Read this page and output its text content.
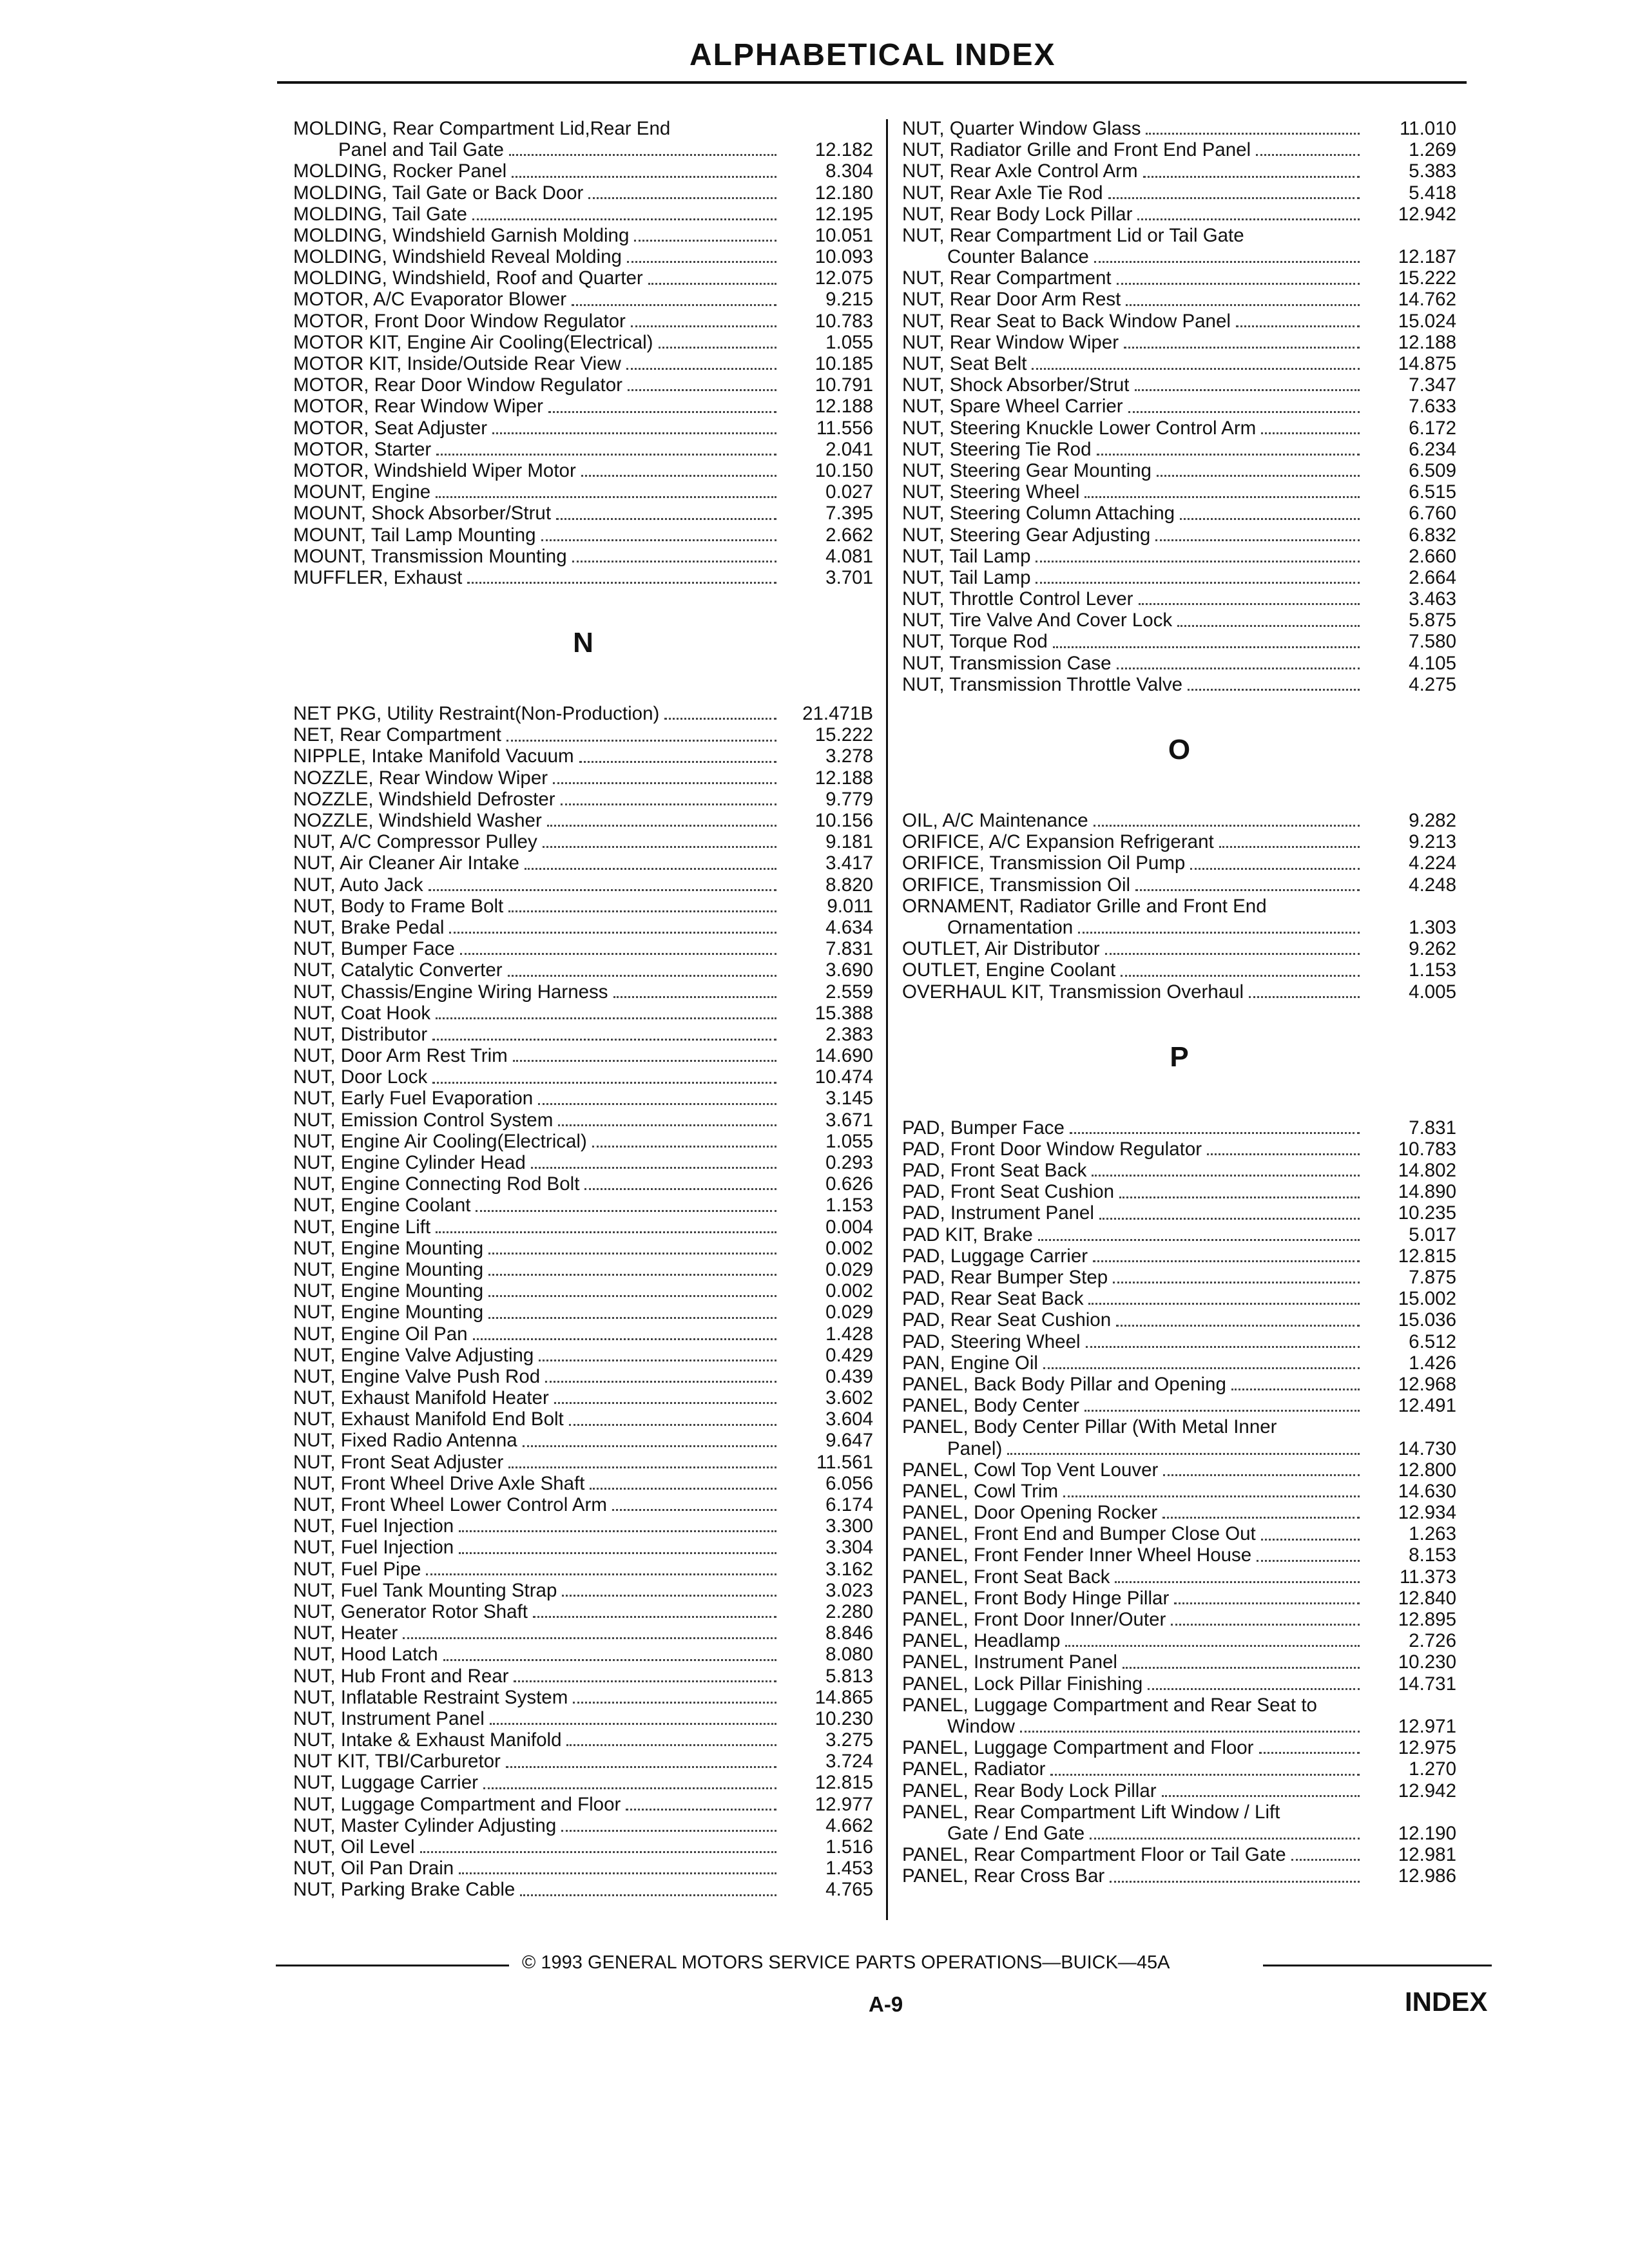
ALPHABETICAL INDEX
MOLDING, Rear Compartment Lid,Rear End
Panel and Tail Gate	12.182
MOLDING, Rocker Panel	8.304
MOLDING, Tail Gate or Back Door	12.180
MOLDING, Tail Gate	12.195
MOLDING, Windshield Garnish Molding	10.051
MOLDING, Windshield Reveal Molding	10.093
MOLDING, Windshield, Roof and Quarter	12.075
MOTOR, A/C Evaporator Blower	9.215
MOTOR, Front Door Window Regulator	10.783
MOTOR KIT, Engine Air Cooling(Electrical)	1.055
MOTOR KIT, Inside/Outside Rear View	10.185
MOTOR, Rear Door Window Regulator	10.791
MOTOR, Rear Window Wiper	12.188
MOTOR, Seat Adjuster	11.556
MOTOR, Starter	2.041
MOTOR, Windshield Wiper Motor	10.150
MOUNT, Engine	0.027
MOUNT, Shock Absorber/Strut	7.395
MOUNT, Tail Lamp Mounting	2.662
MOUNT, Transmission Mounting	4.081
MUFFLER, Exhaust	3.701
N
NET PKG, Utility Restraint(Non-Production)	21.471B
NET, Rear Compartment	15.222
NIPPLE, Intake Manifold Vacuum	3.278
NOZZLE, Rear Window Wiper	12.188
NOZZLE, Windshield Defroster	9.779
NOZZLE, Windshield Washer	10.156
NUT, A/C Compressor Pulley	9.181
NUT, Air Cleaner Air Intake	3.417
NUT, Auto Jack	8.820
NUT, Body to Frame Bolt	9.011
NUT, Brake Pedal	4.634
NUT, Bumper Face	7.831
NUT, Catalytic Converter	3.690
NUT, Chassis/Engine Wiring Harness	2.559
NUT, Coat Hook	15.388
NUT, Distributor	2.383
NUT, Door Arm Rest Trim	14.690
NUT, Door Lock	10.474
NUT, Early Fuel Evaporation	3.145
NUT, Emission Control System	3.671
NUT, Engine Air Cooling(Electrical)	1.055
NUT, Engine Cylinder Head	0.293
NUT, Engine Connecting Rod Bolt	0.626
NUT, Engine Coolant	1.153
NUT, Engine Lift	0.004
NUT, Engine Mounting	0.002
NUT, Engine Mounting	0.029
NUT, Engine Mounting	0.002
NUT, Engine Mounting	0.029
NUT, Engine Oil Pan	1.428
NUT, Engine Valve Adjusting	0.429
NUT, Engine Valve Push Rod	0.439
NUT, Exhaust Manifold Heater	3.602
NUT, Exhaust Manifold End Bolt	3.604
NUT, Fixed Radio Antenna	9.647
NUT, Front Seat Adjuster	11.561
NUT, Front Wheel Drive Axle Shaft	6.056
NUT, Front Wheel Lower Control Arm	6.174
NUT, Fuel Injection	3.300
NUT, Fuel Injection	3.304
NUT, Fuel Pipe	3.162
NUT, Fuel Tank Mounting Strap	3.023
NUT, Generator Rotor Shaft	2.280
NUT, Heater	8.846
NUT, Hood Latch	8.080
NUT, Hub Front and Rear	5.813
NUT, Inflatable Restraint System	14.865
NUT, Instrument Panel	10.230
NUT, Intake & Exhaust Manifold	3.275
NUT KIT, TBI/Carburetor	3.724
NUT, Luggage Carrier	12.815
NUT, Luggage Compartment and Floor	12.977
NUT, Master Cylinder Adjusting	4.662
NUT, Oil Level	1.516
NUT, Oil Pan Drain	1.453
NUT, Parking Brake Cable	4.765
NUT, Quarter Window Glass	11.010
NUT, Radiator Grille and Front End Panel	1.269
NUT, Rear Axle Control Arm	5.383
NUT, Rear Axle Tie Rod	5.418
NUT, Rear Body Lock Pillar	12.942
NUT, Rear Compartment Lid or Tail Gate
Counter Balance	12.187
NUT, Rear Compartment	15.222
NUT, Rear Door Arm Rest	14.762
NUT, Rear Seat to Back Window Panel	15.024
NUT, Rear Window Wiper	12.188
NUT, Seat Belt	14.875
NUT, Shock Absorber/Strut	7.347
NUT, Spare Wheel Carrier	7.633
NUT, Steering Knuckle Lower Control Arm	6.172
NUT, Steering Tie Rod	6.234
NUT, Steering Gear Mounting	6.509
NUT, Steering Wheel	6.515
NUT, Steering Column Attaching	6.760
NUT, Steering Gear Adjusting	6.832
NUT, Tail Lamp	2.660
NUT, Tail Lamp	2.664
NUT, Throttle Control Lever	3.463
NUT, Tire Valve And Cover Lock	5.875
NUT, Torque Rod	7.580
NUT, Transmission Case	4.105
NUT, Transmission Throttle Valve	4.275
O
OIL, A/C Maintenance	9.282
ORIFICE, A/C Expansion Refrigerant	9.213
ORIFICE, Transmission Oil Pump	4.224
ORIFICE, Transmission Oil	4.248
ORNAMENT, Radiator Grille and Front End
Ornamentation	1.303
OUTLET, Air Distributor	9.262
OUTLET, Engine Coolant	1.153
OVERHAUL KIT, Transmission Overhaul	4.005
P
PAD, Bumper Face	7.831
PAD, Front Door Window Regulator	10.783
PAD, Front Seat Back	14.802
PAD, Front Seat Cushion	14.890
PAD, Instrument Panel	10.235
PAD KIT, Brake	5.017
PAD, Luggage Carrier	12.815
PAD, Rear Bumper Step	7.875
PAD, Rear Seat Back	15.002
PAD, Rear Seat Cushion	15.036
PAD, Steering Wheel	6.512
PAN, Engine Oil	1.426
PANEL, Back Body Pillar and Opening	12.968
PANEL, Body Center	12.491
PANEL, Body Center Pillar (With Metal Inner
Panel)	14.730
PANEL, Cowl Top Vent Louver	12.800
PANEL, Cowl Trim	14.630
PANEL, Door Opening Rocker	12.934
PANEL, Front End and Bumper Close Out	1.263
PANEL, Front Fender Inner Wheel House	8.153
PANEL, Front Seat Back	11.373
PANEL, Front Body Hinge Pillar	12.840
PANEL, Front Door Inner/Outer	12.895
PANEL, Headlamp	2.726
PANEL, Instrument Panel	10.230
PANEL, Lock Pillar Finishing	14.731
PANEL, Luggage Compartment and Rear Seat to
Window	12.971
PANEL, Luggage Compartment and Floor	12.975
PANEL, Radiator	1.270
PANEL, Rear Body Lock Pillar	12.942
PANEL, Rear Compartment Lift Window / Lift
Gate / End Gate	12.190
PANEL, Rear Compartment Floor or Tail Gate	12.981
PANEL, Rear Cross Bar	12.986
© 1993 GENERAL MOTORS SERVICE PARTS OPERATIONS—BUICK—45A
A-9	INDEX
